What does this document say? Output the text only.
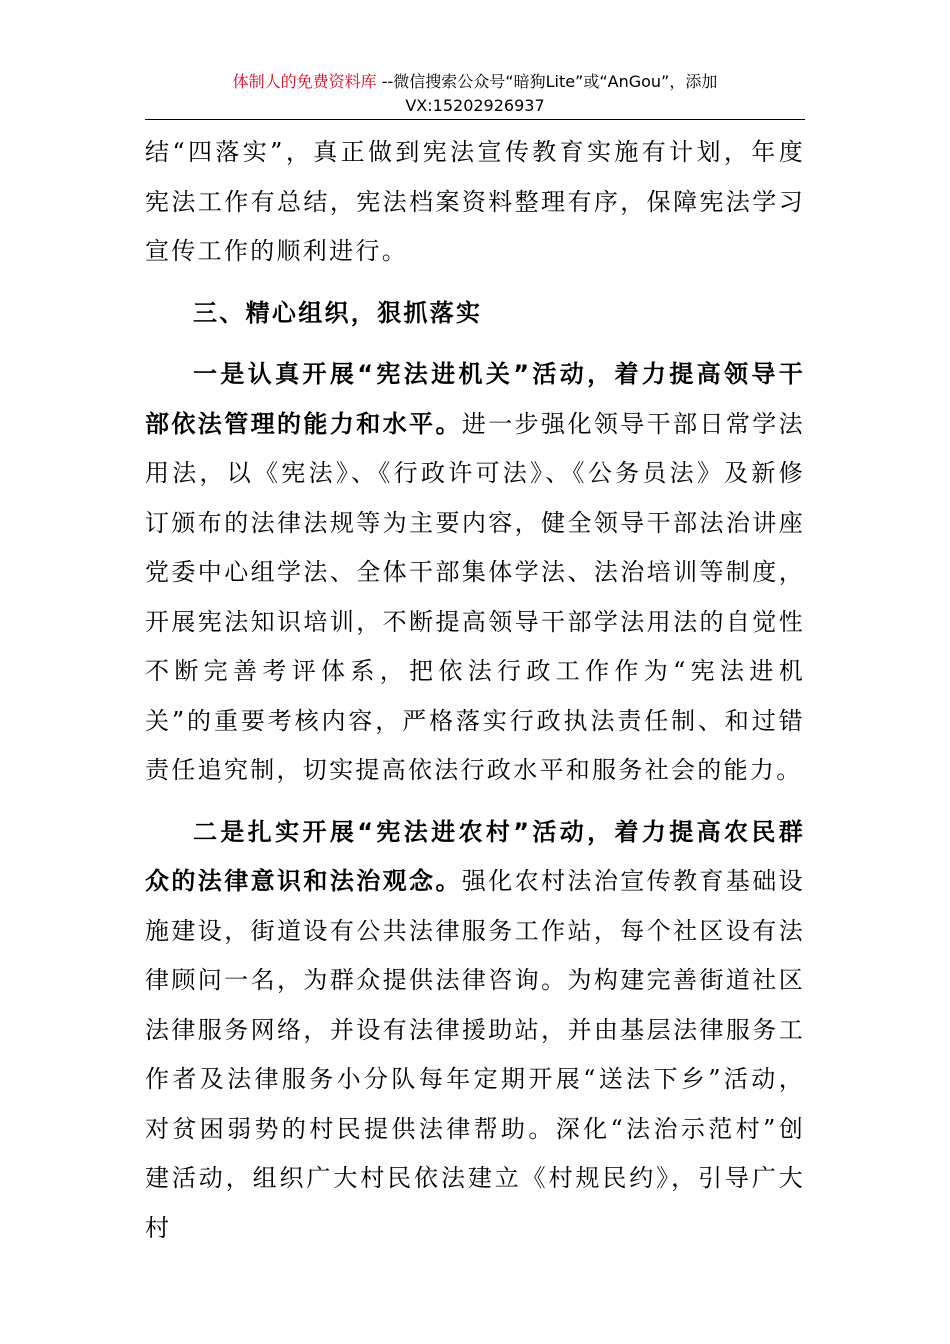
体制人的免费资料库 --微信搜索公众号“暗狗Lite”或“AnGou”，添加
VX:15202926937

结“四落实”，真正做到宪法宣传教育实施有计划，年度宪法工作有总结，宪法档案资料整理有序，保障宪法学习宣传工作的顺利进行。

三、精心组织，狠抓落实

一是认真开展“宪法进机关”活动，着力提高领导干部依法管理的能力和水平。进一步强化领导干部日常学法用法，以《宪法》、《行政许可法》、《公务员法》及新修订颁布的法律法规等为主要内容，健全领导干部法治讲座党委中心组学法、全体干部集体学法、法治培训等制度，开展宪法知识培训，不断提高领导干部学法用法的自觉性不断完善考评体系，把依法行政工作作为“宪法进机关”的重要考核内容，严格落实行政执法责任制、和过错责任追究制，切实提高依法行政水平和服务社会的能力。

二是扎实开展“宪法进农村”活动，着力提高农民群众的法律意识和法治观念。强化农村法治宣传教育基础设施建设，街道设有公共法律服务工作站，每个社区设有法律顾问一名，为群众提供法律咨询。为构建完善街道社区法律服务网络，并设有法律援助站，并由基层法律服务工作者及法律服务小分队每年定期开展“送法下乡”活动，对贫困弱势的村民提供法律帮助。深化“法治示范村”创建活动，组织广大村民依法建立《村规民约》，引导广大村
